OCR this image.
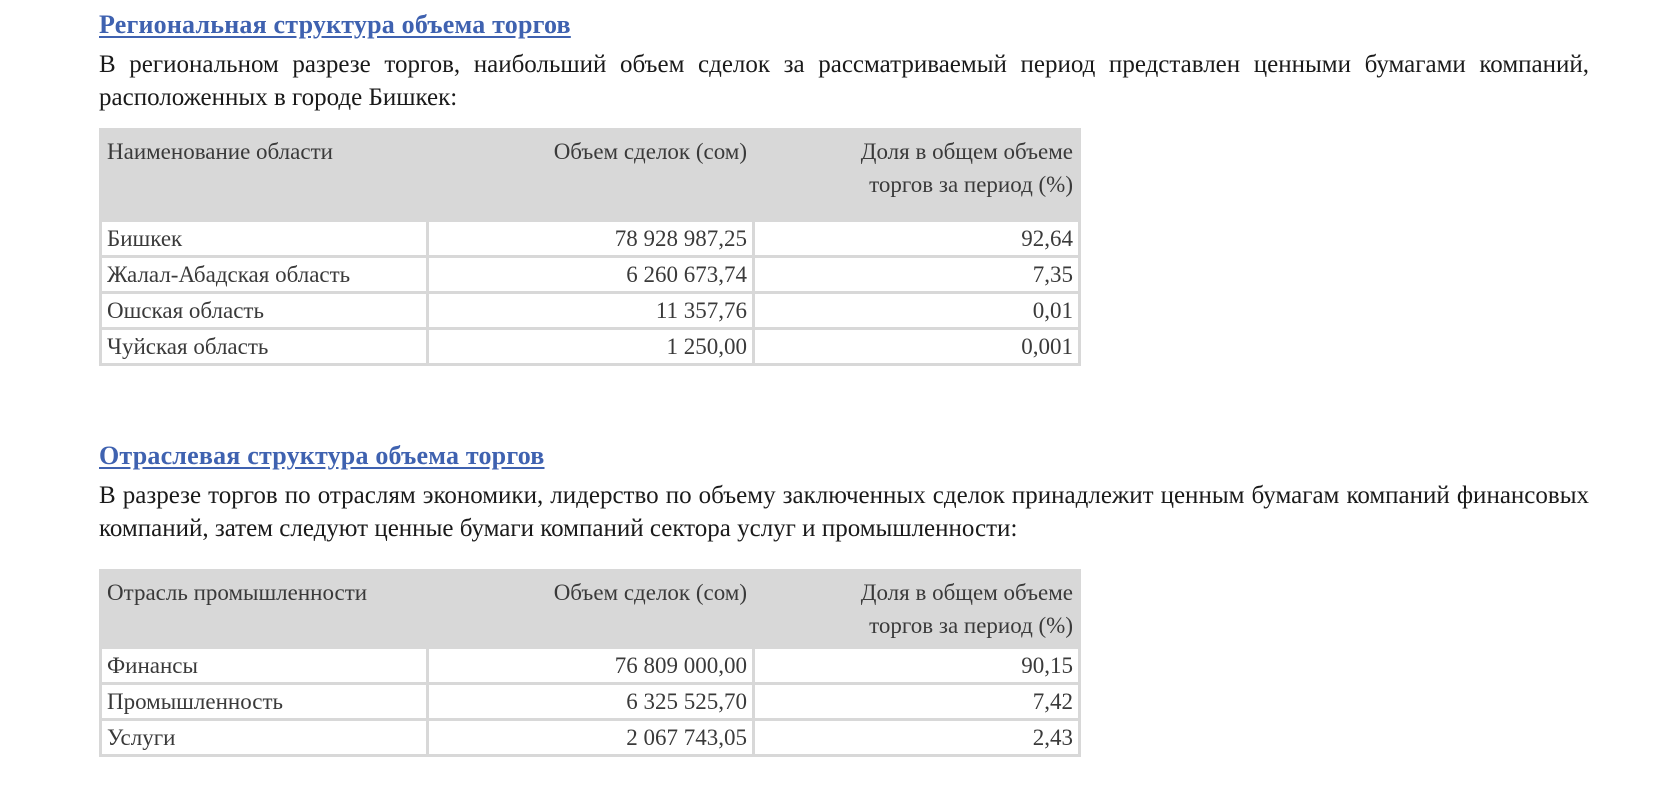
Региональная структура объема торгов

В региональном разрезе торгов, наибольший объем сделок за рассматриваемый период представлен ценными бумагами компаний, расположенных в городе Бишкек:

Наименование области	Объем сделок (сом)	Доля в общем объеме
торгов за период (%)

Бишкек	78 928 987,25	92,64
Жалал-Абадская область	6 260 673,74	7,35
Ошская область	11 357,76	0,01
Чуйская область	1 250,00	0,001
Отраслевая структура объема торгов

В разрезе торгов по отраслям экономики, лидерство по объему заключенных сделок принадлежит ценным бумагам компаний финансовых компаний, затем следуют ценные бумаги компаний сектора услуг и промышленности:

Отрасль промышленности	Объем сделок (сом)	Доля в общем объеме
торгов за период (%)

Финансы	76 809 000,00	90,15
Промышленность	6 325 525,70	7,42
Услуги	2 067 743,05	2,43
